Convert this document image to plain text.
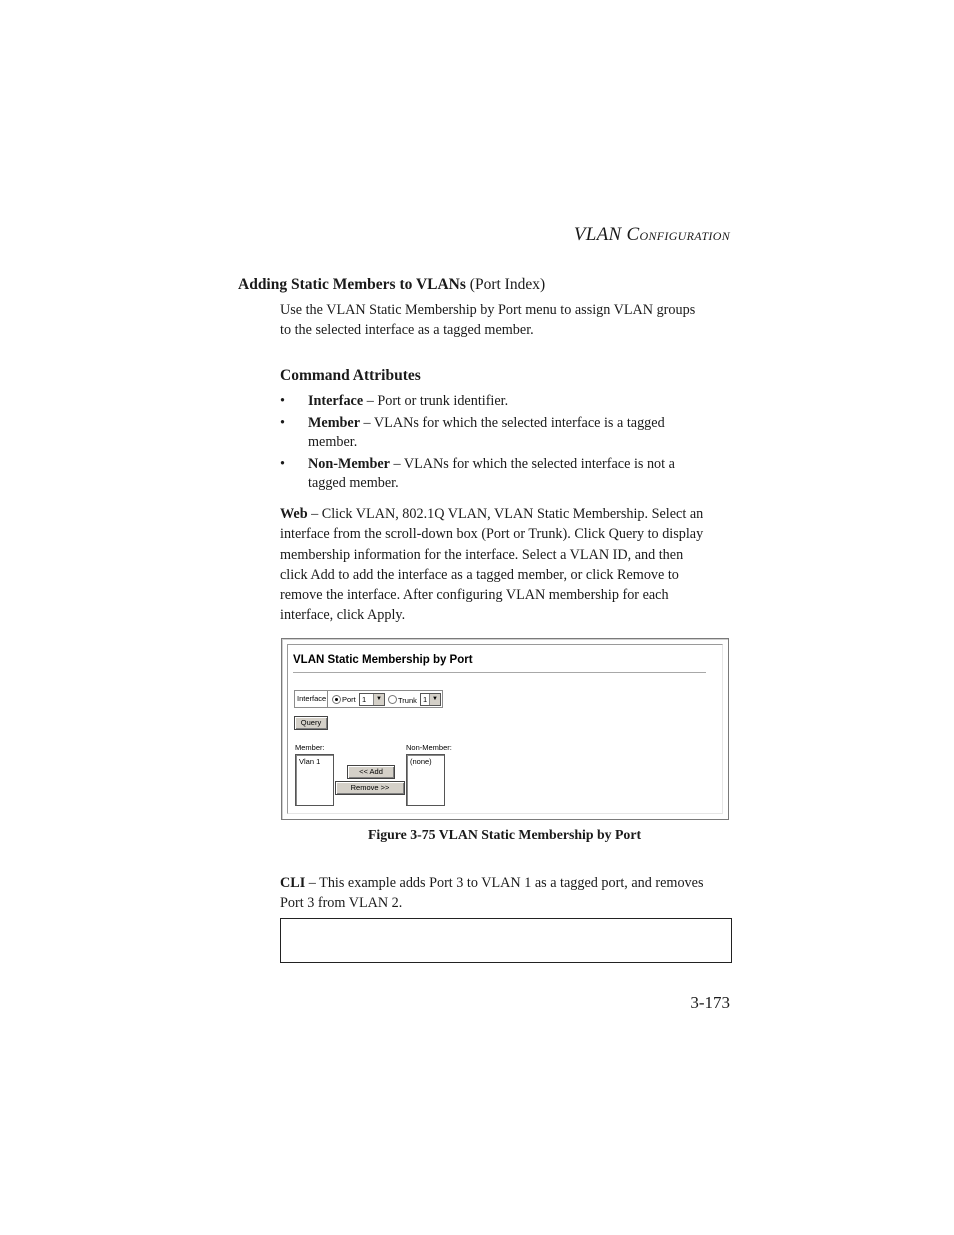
VLAN CONFIGURATION
Adding Static Members to VLANs (Port Index)
Use the VLAN Static Membership by Port menu to assign VLAN groups
to the selected interface as a tagged member.
Command Attributes
• Interface – Port or trunk identifier.
• Member – VLANs for which the selected interface is a tagged
member.
• Non-Member – VLANs for which the selected interface is not a
tagged member.
Web – Click VLAN, 802.1Q VLAN, VLAN Static Membership. Select an
interface from the scroll-down box (Port or Trunk). Click Query to display
membership information for the interface. Select a VLAN ID, and then
click Add to add the interface as a tagged member, or click Remove to
remove the interface. After configuring VLAN membership for each
interface, click Apply.
VLAN Static Membership by Port
Interface Port 1	▼ Trunk 1 ▼
Query
Member:
Vlan 1
<< Add
Remove >>
Non-Member:
(none)
Figure 3-75 VLAN Static Membership by Port
CLI – This example adds Port 3 to VLAN 1 as a tagged port, and removes
Port 3 from VLAN 2.
3-173
